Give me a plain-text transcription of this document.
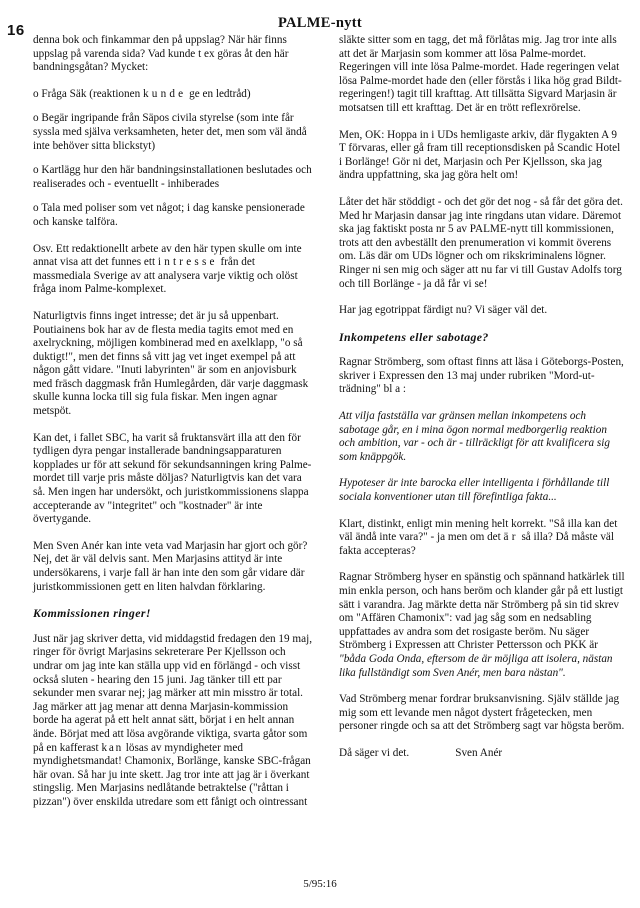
16	PALME-nytt

denna bok och finkammar den på uppslag? När här finns uppslag på varenda sida? Vad kunde t ex göras åt den här bandningsgåtan? Mycket:

o Fråga Säk (reaktionen kunde ge en ledtråd)

o Begär ingripande från Säpos civila styrelse (som inte får syssla med själva verksamheten, heter det, men som väl ändå inte behöver sitta blickstyt)

o Kartlägg hur den här bandningsinstallationen beslutades och realiserades och - eventuellt - inhiberades

o Tala med poliser som vet något; i dag kanske pensionerade och kanske talföra.

Osv. Ett redaktionellt arbete av den här typen skulle om inte annat visa att det funnes ett intresse från det massmediala Sverige av att analysera varje viktig och olöst fråga inom Palme-komplexet.

Naturligtvis finns inget intresse; det är ju så uppenbart. Poutiainens bok har av de flesta media tagits emot med en axelryckning, möjligen kombinerad med en axelklapp, "o så duktigt!", men det finns så vitt jag vet inget exempel på att någon gått vidare. "Inuti labyrinten" är som en anjovisburk med fräsch daggmask från Humlegården, där varje daggmask skulle kunna locka till sig fula fiskar. Men ingen agnar metspöt.

Kan det, i fallet SBC, ha varit så fruktansvärt illa att den för tydligen dyra pengar installerade bandningsapparaturen kopplades ur för att sekund för sekundsanningen kring Palme-mordet till varje pris måste döljas? Naturligtvis kan det vara så. Men ingen har undersökt, och juristkommissionens slappa accepterande av "integritet" och "kostnader" är inte övertygande.

Men Sven Anér kan inte veta vad Marjasin har gjort och gör? Nej, det är väl delvis sant. Men Marjasins attityd är inte undersökarens, i varje fall är han inte den som går vidare där juristkommissionen gett en liten halvdan förklaring.

Kommissionen ringer!

Just när jag skriver detta, vid middagstid fredagen den 19 maj, ringer för övrigt Marjasins sekreterare Per Kjellsson och undrar om jag inte kan ställa upp vid en förlängd - och visst också sluten - hearing den 15 juni. Jag tänker till ett par sekunder men svarar nej; jag märker att min misstro är total. Jag märker att jag menar att denna Marjasin-kommission borde ha agerat på ett helt annat sätt, börjat i en helt annan ände. Börjat med att lösa avgörande viktiga, svarta gåtor som på en kafferast kan lösas av myndigheter med myndighetsmandat! Chamonix, Borlänge, kanske SBC-frågan här ovan. Så har ju inte skett. Jag tror inte att jag är i överkant stingslig. Men Marjasins nedlåtande betraktelse ("råttan i pizzan") över enskilda utredare som ett fånigt och ointressant

släkte sitter som en tagg, det må förlåtas mig. Jag tror inte alls att det är Marjasin som kommer att lösa Palme-mordet. Regeringen vill inte lösa Palme-mordet. Hade regeringen velat lösa Palme-mordet hade den (eller förstås i lika hög grad Bildt-regeringen!) tagit till krafttag. Att tillsätta Sigvard Marjasin är motsatsen till ett krafttag. Det är en trött reflexrörelse.

Men, OK: Hoppa in i UDs hemligaste arkiv, där flygakten A 9 T förvaras, eller gå fram till receptionsdisken på Scandic Hotel i Borlänge! Gör ni det, Marjasin och Per Kjellsson, ska jag ändra uppfattning, ska jag göra helt om!

Låter det här stöddigt - och det gör det nog - så får det göra det. Med hr Marjasin dansar jag inte ringdans utan vidare. Däremot ska jag faktiskt posta nr 5 av PALME-nytt till kommissionen, trots att den avbeställt den prenumeration vi kommit överens om. Läs där om UDs lögner och om rikskriminalens lögner. Ringer ni sen mig och säger att nu far vi till Gustav Adolfs torg och till Borlänge - ja då får vi se!

Har jag egotrippat färdigt nu? Vi säger väl det.

Inkompetens eller sabotage?

Ragnar Strömberg, som oftast finns att läsa i Göteborgs-Posten, skriver i Expressen den 13 maj under rubriken "Mord-ut-trädning" bl a :

Att vilja fastställa var gränsen mellan inkompetens och sabotage går, en i mina ögon normal medborgerlig reaktion och ambition, var - och är - tillräckligt för att kvalificera sig som knäppgök.

Hypoteser är inte barocka eller intelligenta i förhållande till sociala konventioner utan till förefintliga fakta...

Klart, distinkt, enligt min mening helt korrekt. "Så illa kan det väl ändå inte vara?" - ja men om det är så illa? Då måste väl fakta accepteras?

Ragnar Strömberg hyser en spänstig och spännand hatkärlek till min enkla person, och hans beröm och klander går på ett lustigt sätt i varandra. Jag märkte detta när Strömberg på sin tid skrev om "Affären Chamonix": vad jag såg som en nedsabling uppfattades av andra som det rosigaste beröm. Nu säger Strömberg i Expressen att Christer Pettersson och PKK är "båda Goda Onda, eftersom de är möjliga att isolera, nästan lika fullständigt som Sven Anér, men bara nästan".

Vad Strömberg menar fordrar bruksanvisning. Själv ställde jag mig som ett levande men något dystert frågetecken, men personer ringde och sa att det Strömberg sagt var högsta beröm.

Då säger vi det.	Sven Anér
5/95:16
